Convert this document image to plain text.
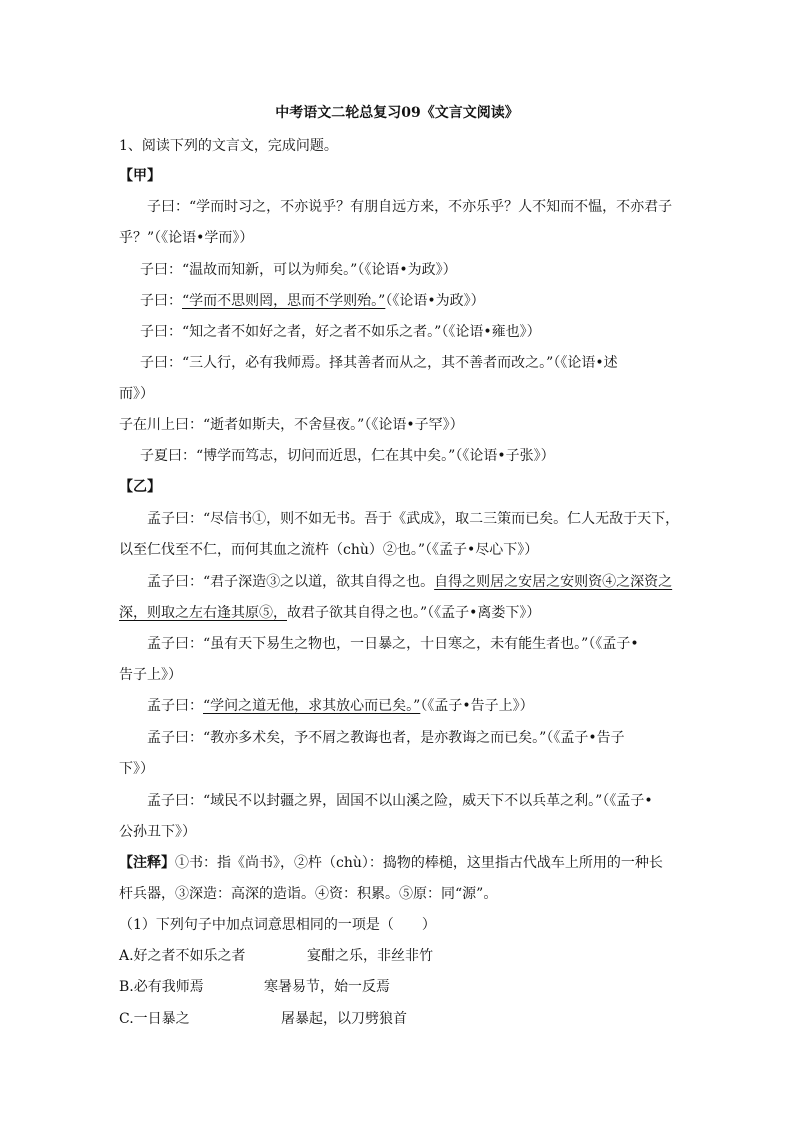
中考语文二轮总复习09《文言文阅读》
1、阅读下列的文言文，完成问题。
【甲】
子曰：“学而时习之，不亦说乎？有朋自远方来，不亦乐乎？人不知而不愠，不亦君子
乎？”（《论语•学而》）
子曰：“温故而知新，可以为师矣。”（《论语•为政》）
子曰：“学而不思则罔，思而不学则殆。”（《论语•为政》）
子曰：“知之者不如好之者，好之者不如乐之者。”（《论语•雍也》）
子曰：“三人行，必有我师焉。择其善者而从之，其不善者而改之。”（《论语•述
而》）
子在川上曰：“逝者如斯夫，不舍昼夜。”（《论语•子罕》）
子夏曰：“博学而笃志，切问而近思，仁在其中矣。”（《论语•子张》）
【乙】
孟子曰：“尽信书①，则不如无书。吾于《武成》，取二三策而已矣。仁人无敌于天下，
以至仁伐至不仁，而何其血之流杵（chù）②也。”（《孟子•尽心下》）
孟子曰：“君子深造③之以道，欲其自得之也。自得之则居之安居之安则资④之深资之
深，则取之左右逢其原⑤，故君子欲其自得之也。”（《孟子•离娄下》）
孟子曰：“虽有天下易生之物也，一日暴之，十日寒之，未有能生者也。”（《孟子•
告子上》）
孟子曰：“学问之道无他，求其放心而已矣。”（《孟子•告子上》）
孟子曰：“教亦多术矣，予不屑之教诲也者，是亦教诲之而已矣。”（《孟子•告子
下》）
孟子曰：“域民不以封疆之界，固国不以山溪之险，威天下不以兵革之利。”（《孟子•
公孙丑下》）
【注释】①书：指《尚书》，②杵（chù）：捣物的棒槌，这里指古代战车上所用的一种长
杆兵器，③深造：高深的造诣。④资：积累。⑤原：同“源”。
（1）下列句子中加点词意思相同的一项是（　　）
A.好之者不如乐之者	宴酣之乐，非丝非竹
B.必有我师焉	寒暑易节，始一反焉
C.一日暴之	屠暴起，以刀劈狼首
